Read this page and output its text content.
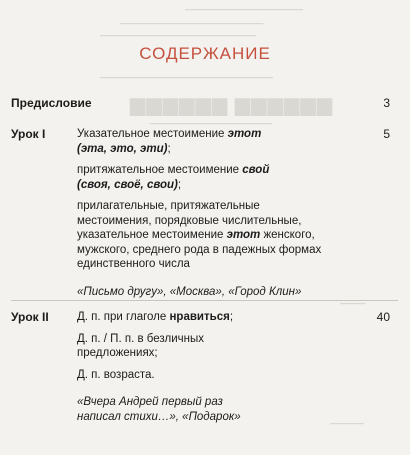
━━━━━━━━━━━━━━━━━━━━━━━━━━━━
━━━━━━━━━━━━━━━━━━━━━━━━━━━━━━━━━━
━━━━━━━━━━━━━━━━━━━━━━━━━━━━━━━━━━━━━
━━━━━━━━━━━━━━━━━━━━━━━━━━━━━━━━━━━━━━━━━
▆▆▆▆▆▆ ▆▆▆▆▆▆
━━━━━━━━━━━━━━━━━━━━━━━━━━━━━
━━━━━━
━━━━━━━━
СОДЕРЖАНИЕ
Предисловие	3
Урок I	5

Указательное местоимение этот
(эта, это, эти);

притяжательное местоимение свой
(своя, своё, свои);

прилагательные, притяжательные
местоимения, порядковые числительные,
указательное местоимение этот женского,
мужского, среднего рода в падежных формах
единственного числа

«Письмо другу», «Москва», «Город Клин»

Урок II	40

Д. п. при глаголе нравиться;

Д. п. / П. п. в безличных
предложениях;

Д. п. возраста.

«Вчера Андрей первый раз
написал стихи…», «Подарок»
